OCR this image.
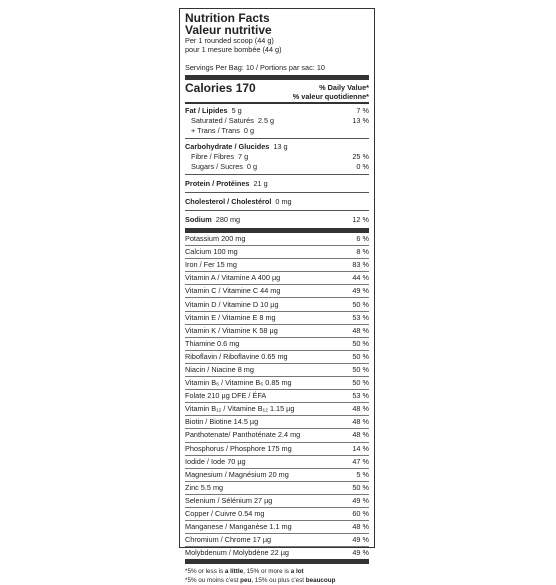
Nutrition Facts
Valeur nutritive
Per 1 rounded scoop (44 g)
pour 1 mesure bombée (44 g)
Servings Per Bag: 10 / Portions par sac: 10
Calories 170	% Daily Value*
% valeur quotidienne*
Fat / Lipides 5 g	7 %
Saturated / Saturés 2.5 g	13 %
+ Trans / Trans 0 g
Carbohydrate / Glucides 13 g
Fibre / Fibres 7 g	25 %
Sugars / Sucres 0 g	0 %
Protein / Protéines 21 g
Cholesterol / Cholestérol 0 mg
Sodium 280 mg	12 %
Potassium 200 mg	6 %
Calcium 100 mg	8 %
Iron / Fer 15 mg	83 %
Vitamin A / Vitamine A 400 µg	44 %
Vitamin C / Vitamine C 44 mg	49 %
Vitamin D / Vitamine D 10 µg	50 %
Vitamin E / Vitamine E 8 mg	53 %
Vitamin K / Vitamine K 58 µg	48 %
Thiamine 0.6 mg	50 %
Riboflavin / Riboflavine 0.65 mg	50 %
Niacin / Niacine 8 mg	50 %
Vitamin B₆ / Vitamine B₆ 0.85 mg	50 %
Folate 210 µg DFE / ÉFA	53 %
Vitamin B₁₂ / Vitamine B₁₂ 1.15 µg	48 %
Biotin / Biotine 14.5 µg	48 %
Panthotenate/ Panthoténate 2.4 mg	48 %
Phosphorus / Phosphore 175 mg	14 %
Iodide / Iode 70 µg	47 %
Magnesium / Magnésium 20 mg	5 %
Zinc 5.5 mg	50 %
Selenium / Sélénium 27 µg	49 %
Copper / Cuivre 0.54 mg	60 %
Manganese / Manganèse 1.1 mg	48 %
Chromium / Chrome 17 µg	49 %
Molybdenum / Molybdène 22 µg	49 %
*5% or less is a little, 15% or more is a lot
*5% ou moins c'est peu, 15% ou plus c'est beaucoup
